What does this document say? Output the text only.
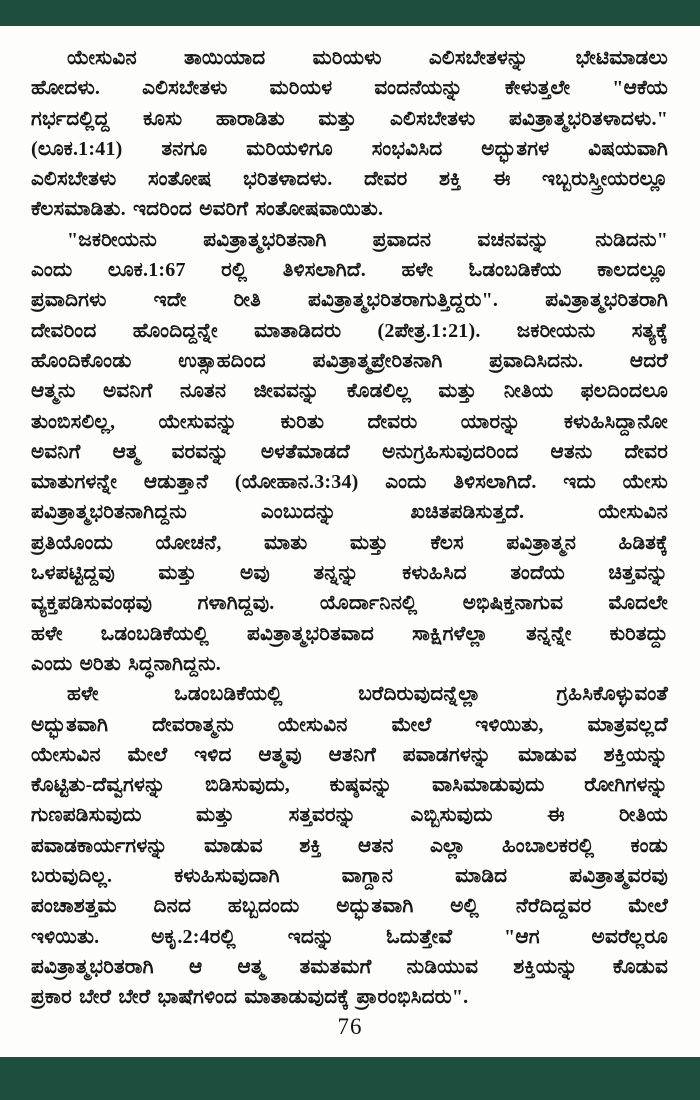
ಯೇಸುವಿನ ತಾಯಿಯಾದ ಮರಿಯಳು ಎಲಿಸಬೇತಳನ್ನು ಭೇಟಿಮಾಡಲು
ಹೋದಳು. ಎಲಿಸಬೇತಳು ಮರಿಯಳ ವಂದನೆಯನ್ನು ಕೇಳುತ್ತಲೇ "ಆಕೆಯ
ಗರ್ಭದಲ್ಲಿದ್ದ ಕೂಸು ಹಾರಾಡಿತು ಮತ್ತು ಎಲಿಸಬೇತಳು ಪವಿತ್ರಾತ್ಮಭರಿತಳಾದಳು."
(ಲೂಕ.1:41) ತನಗೂ ಮರಿಯಳಿಗೂ ಸಂಭವಿಸಿದ ಅದ್ಭುತಗಳ ವಿಷಯವಾಗಿ
ಎಲಿಸಬೇತಳು ಸಂತೋಷ ಭರಿತಳಾದಳು. ದೇವರ ಶಕ್ತಿ ಈ ಇಬ್ಬರುಸ್ತ್ರೀಯರಲ್ಲೂ
ಕೆಲಸಮಾಡಿತು. ಇದರಿಂದ ಅವರಿಗೆ ಸಂತೋಷವಾಯಿತು.
"ಜಕರೀಯನು ಪವಿತ್ರಾತ್ಮಭರಿತನಾಗಿ ಪ್ರವಾದನ ವಚನವನ್ನು ನುಡಿದನು"
ಎಂದು ಲೂಕ.1:67 ರಲ್ಲಿ ತಿಳಿಸಲಾಗಿದೆ. ಹಳೇ ಓಡಂಬಡಿಕೆಯ ಕಾಲದಲ್ಲೂ
ಪ್ರವಾದಿಗಳು ಇದೇ ರೀತಿ ಪವಿತ್ರಾತ್ಮಭರಿತರಾಗುತ್ತಿದ್ದರು". ಪವಿತ್ರಾತ್ಮಭರಿತರಾಗಿ
ದೇವರಿಂದ ಹೊಂದಿದ್ದನ್ನೇ ಮಾತಾಡಿದರು (2ಪೇತ್ರ.1:21). ಜಕರೀಯನು ಸತ್ಯಕ್ಕೆ
ಹೊಂದಿಕೊಂಡು ಉತ್ಸಾಹದಿಂದ ಪವಿತ್ರಾತ್ಮಪ್ರೇರಿತನಾಗಿ ಪ್ರವಾದಿಸಿದನು. ಆದರೆ
ಆತ್ಮನು ಅವನಿಗೆ ನೂತನ ಜೀವವನ್ನು ಕೊಡಲಿಲ್ಲ ಮತ್ತು ನೀತಿಯ ಫಲದಿಂದಲೂ
ತುಂಬಿಸಲಿಲ್ಲ, ಯೇಸುವನ್ನು ಕುರಿತು ದೇವರು ಯಾರನ್ನು ಕಳುಹಿಸಿದ್ದಾನೋ
ಅವನಿಗೆ ಆತ್ಮ ವರವನ್ನು ಅಳತೆಮಾಡದೆ ಅನುಗ್ರಹಿಸುವುದರಿಂದ ಆತನು ದೇವರ
ಮಾತುಗಳನ್ನೇ ಆಡುತ್ತಾನೆ (ಯೋಹಾನ.3:34) ಎಂದು ತಿಳಿಸಲಾಗಿದೆ. ಇದು ಯೇಸು
ಪವಿತ್ರಾತ್ಮಭರಿತನಾಗಿದ್ದನು ಎಂಬುದನ್ನು ಖಚಿತಪಡಿಸುತ್ತದೆ. ಯೇಸುವಿನ
ಪ್ರತಿಯೊಂದು ಯೋಚನೆ, ಮಾತು ಮತ್ತು ಕೆಲಸ ಪವಿತ್ರಾತ್ಮನ ಹಿಡಿತಕ್ಕೆ
ಒಳಪಟ್ಟಿದ್ದವು ಮತ್ತು ಅವು ತನ್ನನ್ನು ಕಳುಹಿಸಿದ ತಂದೆಯ ಚಿತ್ತವನ್ನು
ವ್ಯಕ್ತಪಡಿಸುವಂಥವು ಗಳಾಗಿದ್ದವು. ಯೊರ್ದಾನಿನಲ್ಲಿ ಅಭಿಷಿಕ್ತನಾಗುವ ಮೊದಲೇ
ಹಳೇ ಒಡಂಬಡಿಕೆಯಲ್ಲಿ ಪವಿತ್ರಾತ್ಮಭರಿತವಾದ ಸಾಕ್ಷಿಗಳೆಲ್ಲಾ ತನ್ನನ್ನೇ ಕುರಿತದ್ದು
ಎಂದು ಅರಿತು ಸಿದ್ಧನಾಗಿದ್ದನು.
ಹಳೇ ಒಡಂಬಡಿಕೆಯಲ್ಲಿ ಬರೆದಿರುವುದನ್ನೆಲ್ಲಾ ಗ್ರಹಿಸಿಕೊಳ್ಳುವಂತೆ
ಅದ್ಭುತವಾಗಿ ದೇವರಾತ್ಮನು ಯೇಸುವಿನ ಮೇಲೆ ಇಳಿಯಿತು, ಮಾತ್ರವಲ್ಲದೆ
ಯೇಸುವಿನ ಮೇಲೆ ಇಳಿದ ಆತ್ಮವು ಆತನಿಗೆ ಪವಾಡಗಳನ್ನು ಮಾಡುವ ಶಕ್ತಿಯನ್ನು
ಕೊಟ್ಟಿತು-ದೆವ್ವಗಳನ್ನು ಬಿಡಿಸುವುದು, ಕುಷ್ಠವನ್ನು ವಾಸಿಮಾಡುವುದು ರೋಗಿಗಳನ್ನು
ಗುಣಪಡಿಸುವುದು ಮತ್ತು ಸತ್ತವರನ್ನು ಎಬ್ಬಿಸುವುದು ಈ ರೀತಿಯ
ಪವಾಡಕಾರ್ಯಗಳನ್ನು ಮಾಡುವ ಶಕ್ತಿ ಆತನ ಎಲ್ಲಾ ಹಿಂಬಾಲಕರಲ್ಲಿ ಕಂಡು
ಬರುವುದಿಲ್ಲ. ಕಳುಹಿಸುವುದಾಗಿ ವಾಗ್ದಾನ ಮಾಡಿದ ಪವಿತ್ರಾತ್ಮವರವು
ಪಂಚಾಶತ್ತಮ ದಿನದ ಹಬ್ಬದಂದು ಅದ್ಭುತವಾಗಿ ಅಲ್ಲಿ ನೆರೆದಿದ್ದವರ ಮೇಲೆ
ಇಳಿಯಿತು. ಅಕೃ.2:4ರಲ್ಲಿ ಇದನ್ನು ಓದುತ್ತೇವೆ "ಆಗ ಅವರೆಲ್ಲರೂ
ಪವಿತ್ರಾತ್ಮಭರಿತರಾಗಿ ಆ ಆತ್ಮ ತಮತಮಗೆ ನುಡಿಯುವ ಶಕ್ತಿಯನ್ನು ಕೊಡುವ
ಪ್ರಕಾರ ಬೇರೆ ಬೇರೆ ಭಾಷೆಗಳಿಂದ ಮಾತಾಡುವುದಕ್ಕೆ ಪ್ರಾರಂಭಿಸಿದರು".
76
